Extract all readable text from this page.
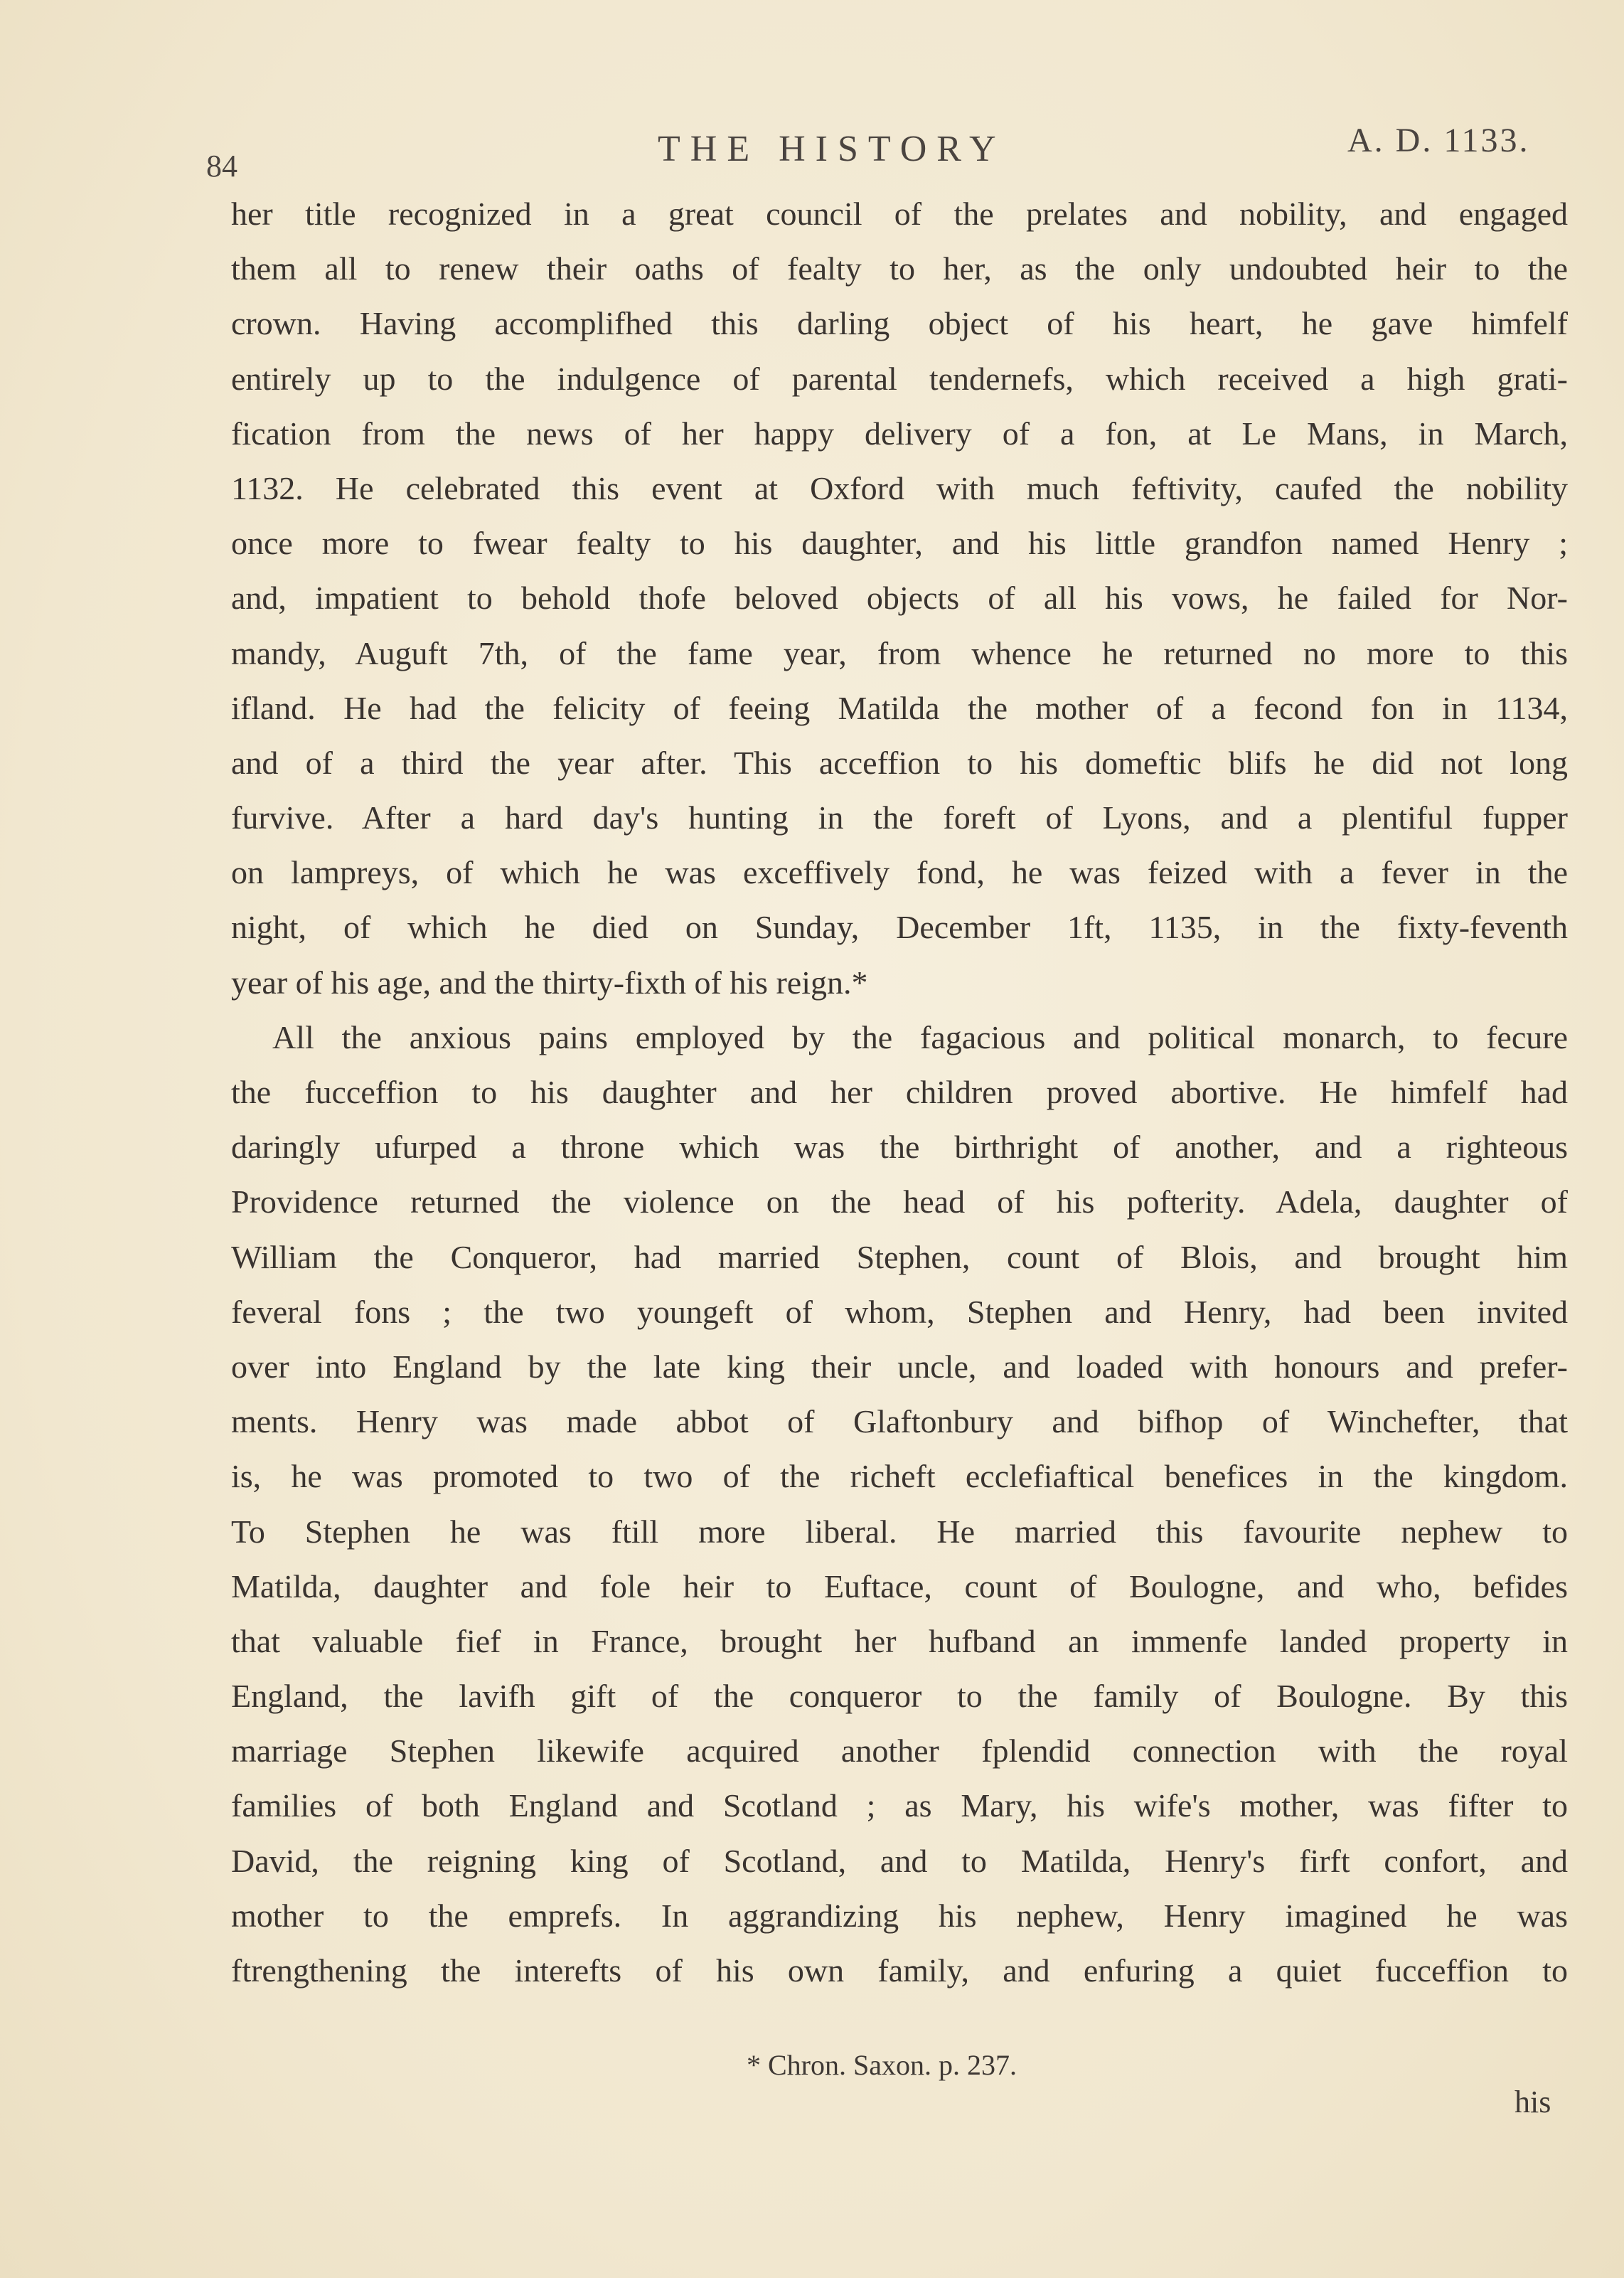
84	THE HISTORY	A. D. 1133.
her title recognized in a great council of the prelates and nobility, and engaged
them all to renew their oaths of fealty to her, as the only undoubted heir to the
crown. Having accomplifhed this darling object of his heart, he gave himfelf
entirely up to the indulgence of parental tendernefs, which received a high grati-
fication from the news of her happy delivery of a fon, at Le Mans, in March,
1132. He celebrated this event at Oxford with much feftivity, caufed the nobility
once more to fwear fealty to his daughter, and his little grandfon named Henry ;
and, impatient to behold thofe beloved objects of all his vows, he failed for Nor-
mandy, Auguft 7th, of the fame year, from whence he returned no more to this
ifland. He had the felicity of feeing Matilda the mother of a fecond fon in 1134,
and of a third the year after. This acceffion to his domeftic blifs he did not long
furvive. After a hard day's hunting in the foreft of Lyons, and a plentiful fupper
on lampreys, of which he was exceffively fond, he was feized with a fever in the
night, of which he died on Sunday, December 1ft, 1135, in the fixty-feventh
year of his age, and the thirty-fixth of his reign.*
All the anxious pains employed by the fagacious and political monarch, to fecure
the fucceffion to his daughter and her children proved abortive. He himfelf had
daringly ufurped a throne which was the birthright of another, and a righteous
Providence returned the violence on the head of his pofterity. Adela, daughter of
William the Conqueror, had married Stephen, count of Blois, and brought him
feveral fons ; the two youngeft of whom, Stephen and Henry, had been invited
over into England by the late king their uncle, and loaded with honours and prefer-
ments. Henry was made abbot of Glaftonbury and bifhop of Winchefter, that
is, he was promoted to two of the richeft ecclefiaftical benefices in the kingdom.
To Stephen he was ftill more liberal. He married this favourite nephew to
Matilda, daughter and fole heir to Euftace, count of Boulogne, and who, befides
that valuable fief in France, brought her hufband an immenfe landed property in
England, the lavifh gift of the conqueror to the family of Boulogne. By this
marriage Stephen likewife acquired another fplendid connection with the royal
families of both England and Scotland ; as Mary, his wife's mother, was fifter to
David, the reigning king of Scotland, and to Matilda, Henry's firft confort, and
mother to the emprefs. In aggrandizing his nephew, Henry imagined he was
ftrengthening the interefts of his own family, and enfuring a quiet fucceffion to
* Chron. Saxon. p. 237.
his
